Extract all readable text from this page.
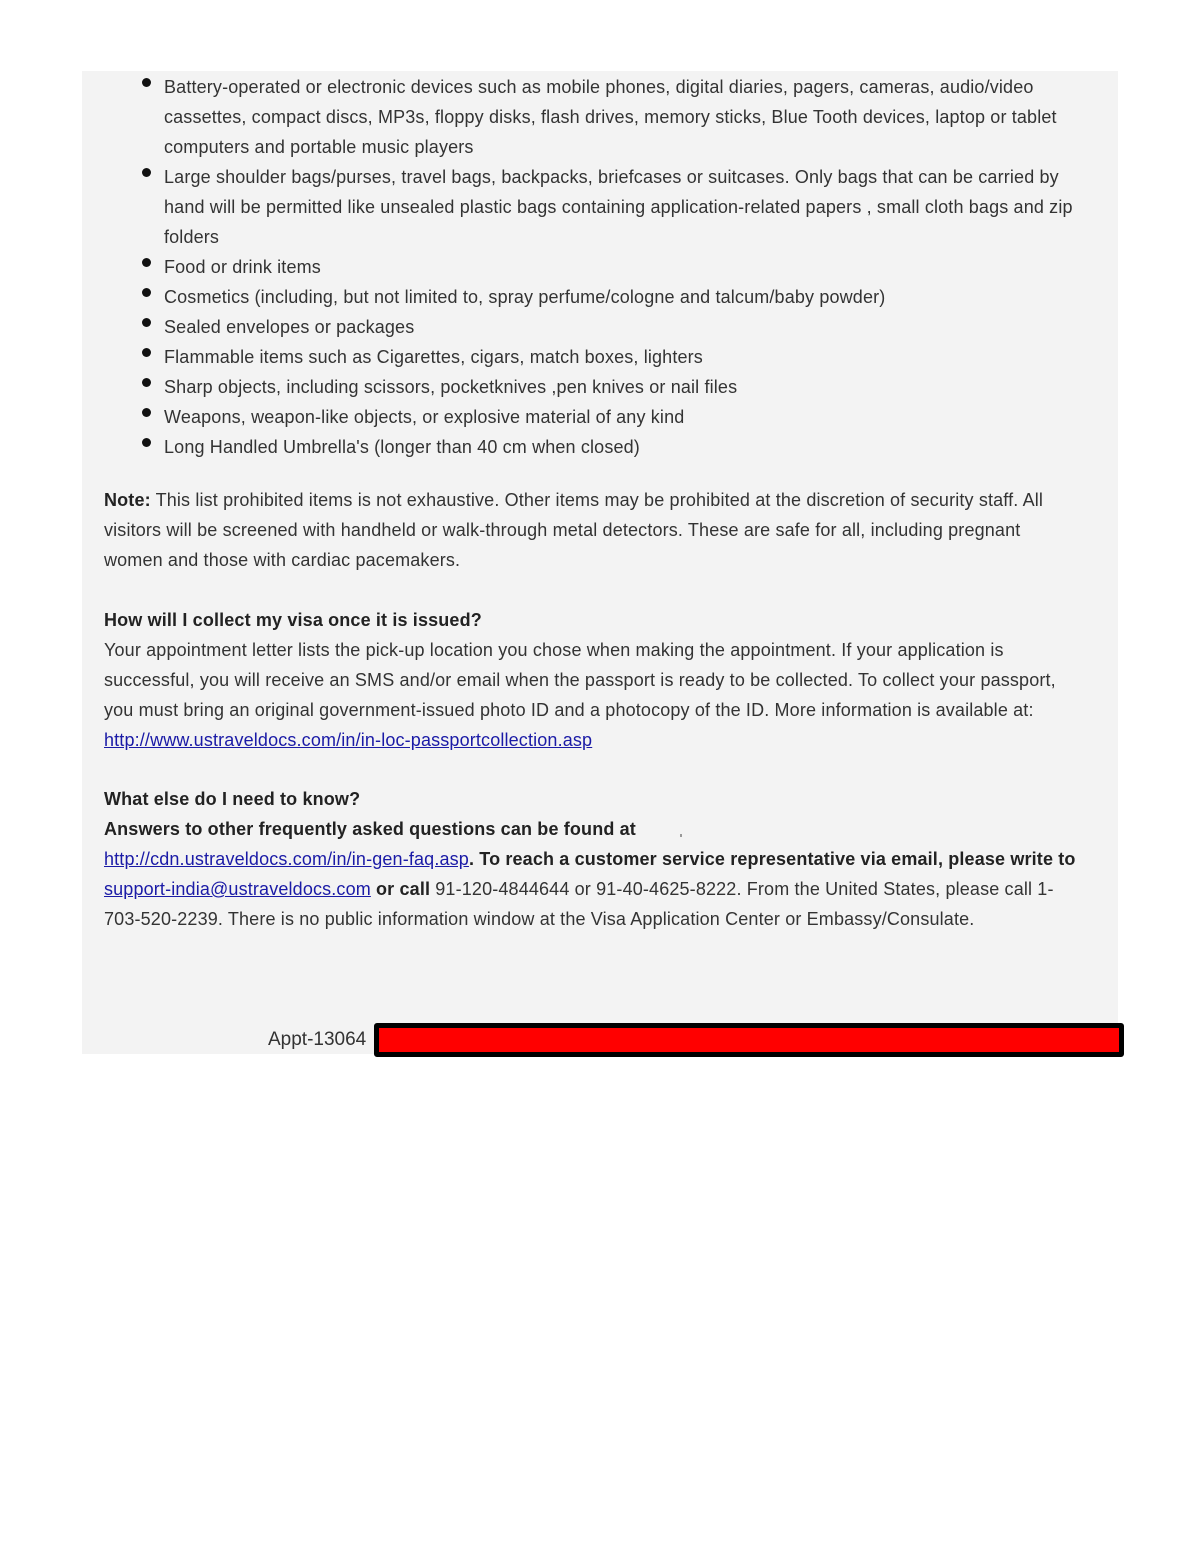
Battery-operated or electronic devices such as mobile phones, digital diaries, pagers, cameras, audio/video cassettes, compact discs, MP3s, floppy disks, flash drives, memory sticks, Blue Tooth devices, laptop or tablet computers and portable music players
Large shoulder bags/purses, travel bags, backpacks, briefcases or suitcases. Only bags that can be carried by hand will be permitted like unsealed plastic bags containing application-related papers , small cloth bags and zip folders
Food or drink items
Cosmetics (including, but not limited to, spray perfume/cologne and talcum/baby powder)
Sealed envelopes or packages
Flammable items such as Cigarettes, cigars, match boxes, lighters
Sharp objects, including scissors, pocketknives ,pen knives or nail files
Weapons, weapon-like objects, or explosive material of any kind
Long Handled Umbrella's (longer than 40 cm when closed)

Note: This list prohibited items is not exhaustive. Other items may be prohibited at the discretion of security staff. All visitors will be screened with handheld or walk-through metal detectors. These are safe for all, including pregnant women and those with cardiac pacemakers.

How will I collect my visa once it is issued?

Your appointment letter lists the pick-up location you chose when making the appointment. If your application is successful, you will receive an SMS and/or email when the passport is ready to be collected. To collect your passport, you must bring an original government-issued photo ID and a photocopy of the ID. More information is available at: http://www.ustraveldocs.com/in/in-loc-passportcollection.asp

What else do I need to know?

Answers to other frequently asked questions can be found at

http://cdn.ustraveldocs.com/in/in-gen-faq.asp. To reach a customer service representative via email, please write to support-india@ustraveldocs.com or call 91-120-4844644 or 91-40-4625-8222. From the United States, please call 1-703-520-2239. There is no public information window at the Visa Application Center or Embassy/Consulate.

Appt-13064
